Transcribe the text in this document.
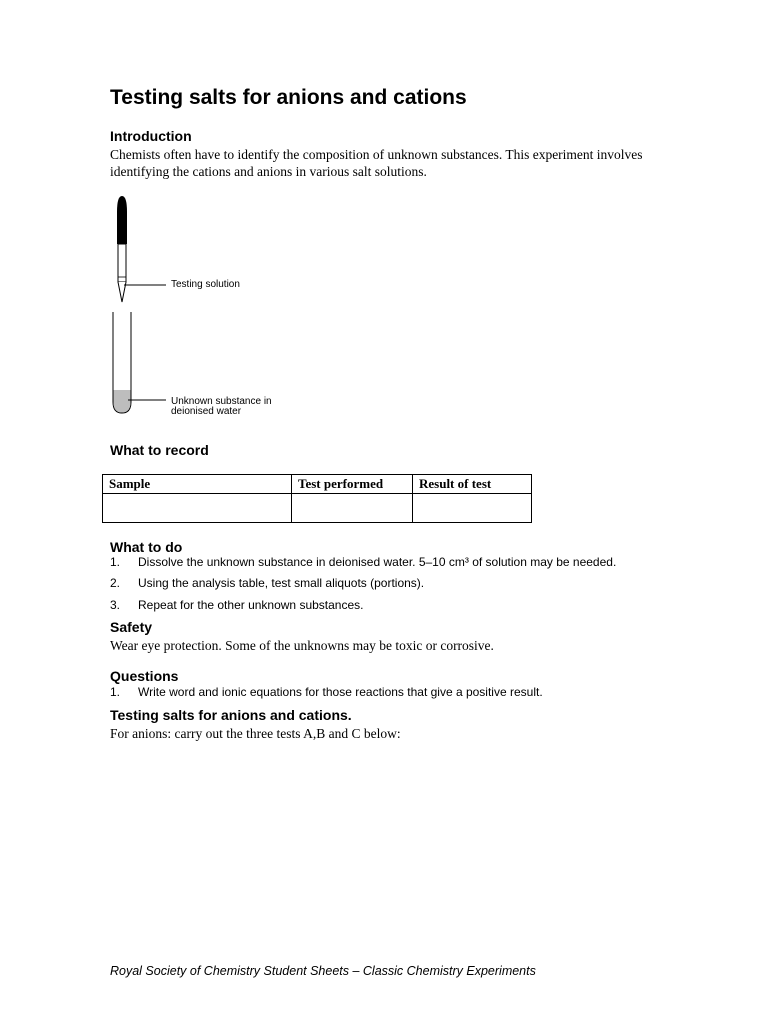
Testing salts for anions and cations
Introduction

Chemists often have to identify the composition of unknown substances. This experiment involves identifying the cations and anions in various salt solutions.

Testing solution
Unknown substance in
deionised water
What to record
Sample	Test performed	Result of test

What to do
1. Dissolve the unknown substance in deionised water. 5–10 cm³ of solution may be needed.
2. Using the analysis table, test small aliquots (portions).
3. Repeat for the other unknown substances.
Safety

Wear eye protection. Some of the unknowns may be toxic or corrosive.

Questions
1. Write word and ionic equations for those reactions that give a positive result.
Testing salts for anions and cations.

For anions: carry out the three tests A,B and C below:

Royal Society of Chemistry Student Sheets – Classic Chemistry Experiments
